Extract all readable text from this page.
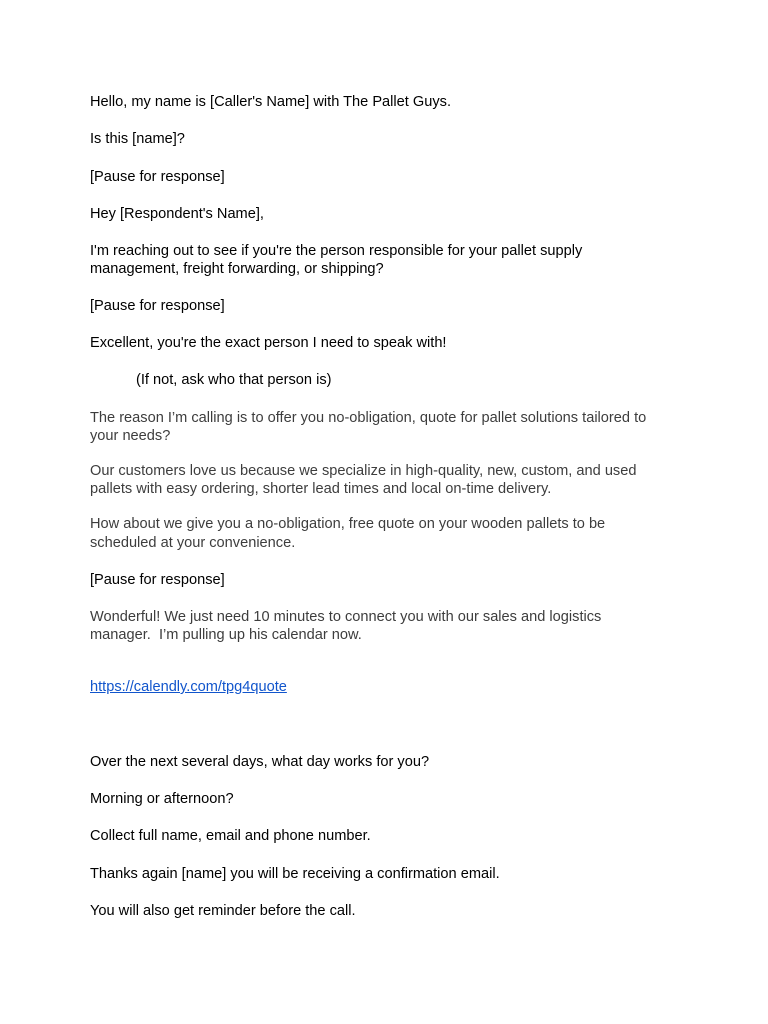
Hello, my name is [Caller's Name] with The Pallet Guys.

Is this [name]?

[Pause for response]

Hey [Respondent's Name],

I'm reaching out to see if you're the person responsible for your pallet supply

management, freight forwarding, or shipping?

[Pause for response]

Excellent, you're the exact person I need to speak with!

(If not, ask who that person is)

The reason I’m calling is to offer you no-obligation, quote for pallet solutions tailored to

your needs?

Our customers love us because we specialize in high-quality, new, custom, and used

pallets with easy ordering, shorter lead times and local on-time delivery.

How about we give you a no-obligation, free quote on your wooden pallets to be

scheduled at your convenience.

[Pause for response]

Wonderful! We just need 10 minutes to connect you with our sales and logistics

manager.  I’m pulling up his calendar now.

https://calendly.com/tpg4quote

Over the next several days, what day works for you?

Morning or afternoon?

Collect full name, email and phone number.

Thanks again [name] you will be receiving a confirmation email.

You will also get reminder before the call.
